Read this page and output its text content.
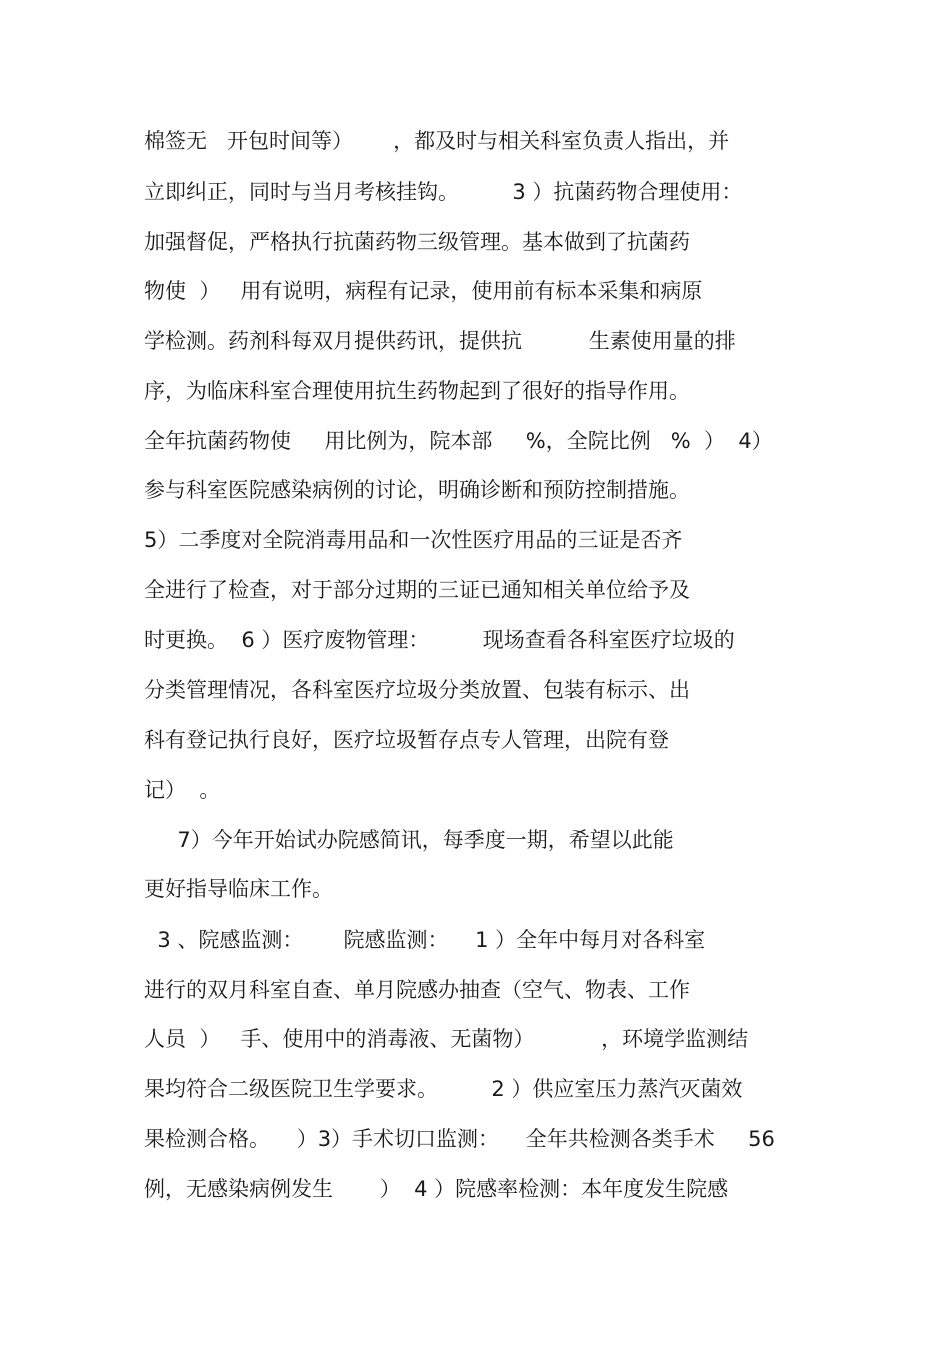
棉签无   开包时间等）      ，都及时与相关科室负责人指出，并
立即纠正，同时与当月考核挂钩。        3 ）抗菌药物合理使用：
加强督促，严格执行抗菌药物三级管理。基本做到了抗菌药
物使  ）   用有说明，病程有记录，使用前有标本采集和病原
学检测。药剂科每双月提供药讯，提供抗          生素使用量的排
序，为临床科室合理使用抗生药物起到了很好的指导作用。
全年抗菌药物使     用比例为，院本部     %，全院比例   %  ）  4）
参与科室医院感染病例的讨论，明确诊断和预防控制措施。
5）二季度对全院消毒用品和一次性医疗用品的三证是否齐
全进行了检查，对于部分过期的三证已通知相关单位给予及
时更换。  6 ）医疗废物管理：        现场查看各科室医疗垃圾的
分类管理情况，各科室医疗垃圾分类放置、包装有标示、出
科有登记执行良好，医疗垃圾暂存点专人管理，出院有登
记）  。
7）今年开始试办院感简讯，每季度一期，希望以此能
更好指导临床工作。
3 、院感监测：      院感监测：    1 ）全年中每月对各科室
进行的双月科室自查、单月院感办抽查（空气、物表、工作
人员  ）   手、使用中的消毒液、无菌物）          ，环境学监测结
果均符合二级医院卫生学要求。        2 ）供应室压力蒸汽灭菌效
果检测合格。    ）3）手术切口监测：    全年共检测各类手术     56
例，无感染病例发生       ）  4 ）院感率检测：本年度发生院感
